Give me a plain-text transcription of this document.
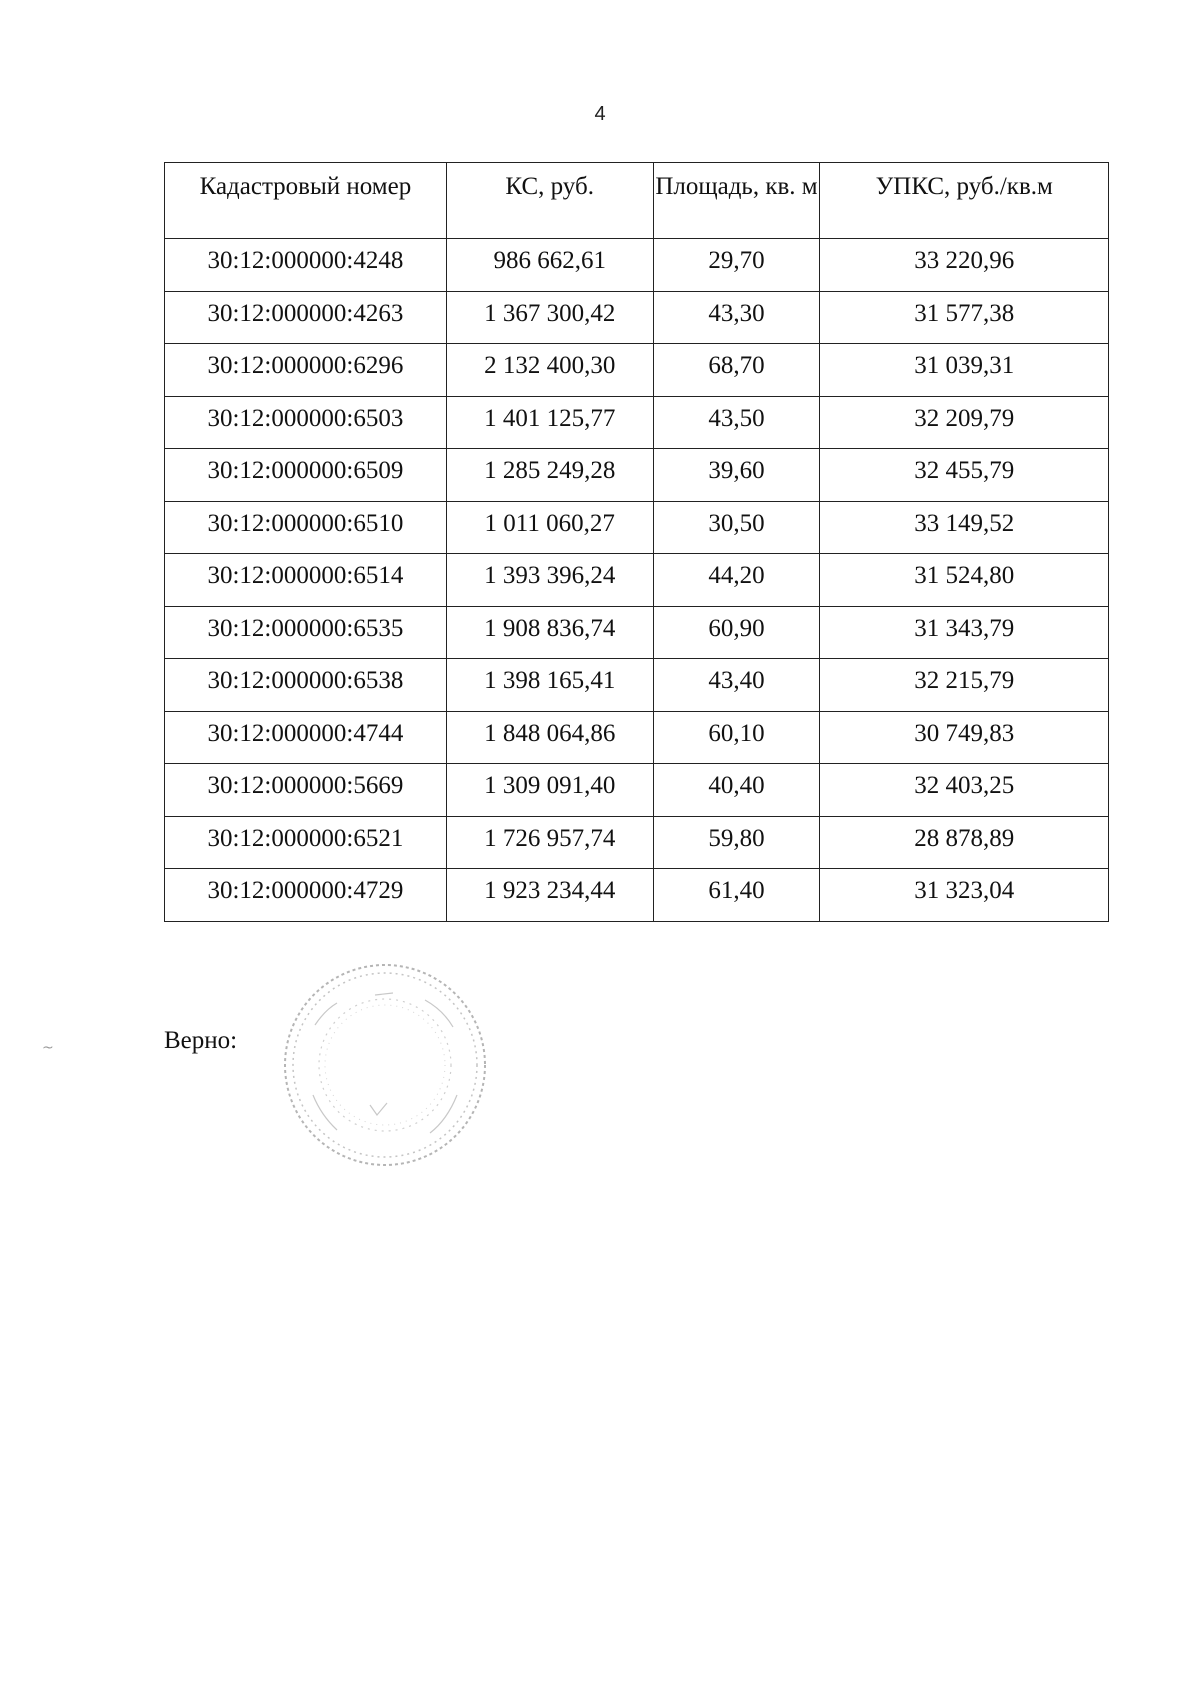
4
Кадастровый номер	КС, руб.	Площадь, кв. м	УПКС, руб./кв.м
30:12:000000:4248	986 662,61	29,70	33 220,96
30:12:000000:4263	1 367 300,42	43,30	31 577,38
30:12:000000:6296	2 132 400,30	68,70	31 039,31
30:12:000000:6503	1 401 125,77	43,50	32 209,79
30:12:000000:6509	1 285 249,28	39,60	32 455,79
30:12:000000:6510	1 011 060,27	30,50	33 149,52
30:12:000000:6514	1 393 396,24	44,20	31 524,80
30:12:000000:6535	1 908 836,74	60,90	31 343,79
30:12:000000:6538	1 398 165,41	43,40	32 215,79
30:12:000000:4744	1 848 064,86	60,10	30 749,83
30:12:000000:5669	1 309 091,40	40,40	32 403,25
30:12:000000:6521	1 726 957,74	59,80	28 878,89
30:12:000000:4729	1 923 234,44	61,40	31 323,04
Верно:
~
